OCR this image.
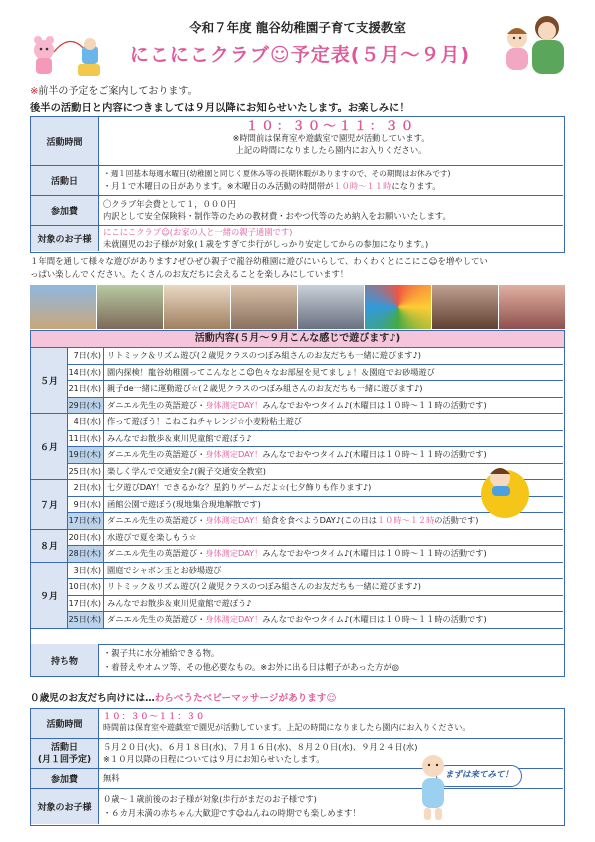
令和７年度 龍谷幼稚園子育て支援教室
にこにこクラブ☺予定表(５月～９月)
※前半の予定をご案内しております。
後半の活動日と内容につきましては９月以降にお知らせいたします。お楽しみに！
活動時間
１０：３０～１１：３０
※時間前は保育室や遊戯室で園児が活動しています。
上記の時間になりましたら園内にお入りください。
活動日
・週１回基本毎週水曜日(幼稚園と同じく夏休み等の長期休暇がありますので、その期間はお休みです)
・月１で木曜日の日があります。※木曜日のみ活動の時間帯が１０時～１１時になります。
参加費
〇クラブ年会費として１，０００円
内訳として安全保険料・制作等のための教材費・おやつ代等のため納入をお願いいたします。
対象のお子様
にこにこクラブ☺(お家の人と一緒の親子通園です)
未就園児のお子様が対象(１歳をすぎて歩行がしっかり安定してからの参加になります。)
１年間を通して様々な遊びがあります♪ぜひぜひ親子で龍谷幼稚園に遊びにいらして、わくわくとにこにこ☺を増やしてい
っぱい楽しんでください。たくさんのお友だちに会えることを楽しみにしています！
活動内容(５月～９月こんな感じで遊びます♪)
５月
7日(水) リトミック＆リズム遊び(２歳児クラスのつぼみ組さんのお友だちも一緒に遊びます♪)
14日(水) 園内探検！龍谷幼稚園ってこんなとこ☺色々なお部屋を見てましょ！＆園庭でお砂場遊び
21日(水) 親子de一緒に運動遊び☆(２歳児クラスのつぼみ組さんのお友だちも一緒に遊びます♪)
29日(木) ダニエル先生の英語遊び・身体測定DAY！みんなでおやつタイム♪(木曜日は１０時～１１時の活動です)
６月
4日(水) 作って遊ぼう！こねこねチャレンジ☆小麦粉粘土遊び
11日(水) みんなでお散歩＆東川児童館で遊ぼう♪
19日(木) ダニエル先生の英語遊び・身体測定DAY！みんなでおやつタイム♪(木曜日は１０時～１１時の活動です)
25日(水) 楽しく学んで交通安全♪(親子交通安全教室)
７月
2日(水) 七夕遊びDAY！できるかな？星釣りゲームだよ☆(七夕飾りも作ります♪)
9日(水) 函館公園で遊ぼう(現地集合現地解散です)
17日(木) ダニエル先生の英語遊び・身体測定DAY！給食を食べようDAY♪(この日は１０時～１２時の活動です)
８月
20日(水) 水遊びで夏を楽しもう☆
28日(木) ダニエル先生の英語遊び・身体測定DAY！みんなでおやつタイム♪(木曜日は１０時～１１時の活動です)
９月
3日(水) 園庭でシャボン玉とお砂場遊び
10日(水) リトミック＆リズム遊び(２歳児クラスのつぼみ組さんのお友だちも一緒に遊びます♪)
17日(水) みんなでお散歩＆東川児童館で遊ぼう♪
25日(木) ダニエル先生の英語遊び・身体測定DAY！みんなでおやつタイム♪(木曜日は１０時～１１時の活動です)
持ち物
・親子共に水分補給できる物。
・着替えやオムツ等、その他必要なもの。※お外に出る日は帽子があった方が◎
０歳児のお友だち向けには…わらべうたベビーマッサージがあります☺
活動時間
１０：３０～１１：３０
時間前は保育室や遊戯室で園児が活動しています。上記の時間になりましたら園内にお入りください。
活動日
(月１回予定)
５月２０日(火)、６月１８日(水)、７月１６日(水)、８月２０日(水)、９月２４日(水)
※１０月以降の日程については９月にお知らせいたします。
参加費	無料
対象のお子様
０歳～１歳前後のお子様が対象(歩行がまだのお子様です)
・６カ月未満の赤ちゃん大歓迎です☺ねんねの時期でも楽しめます！
まずは来てみて！
